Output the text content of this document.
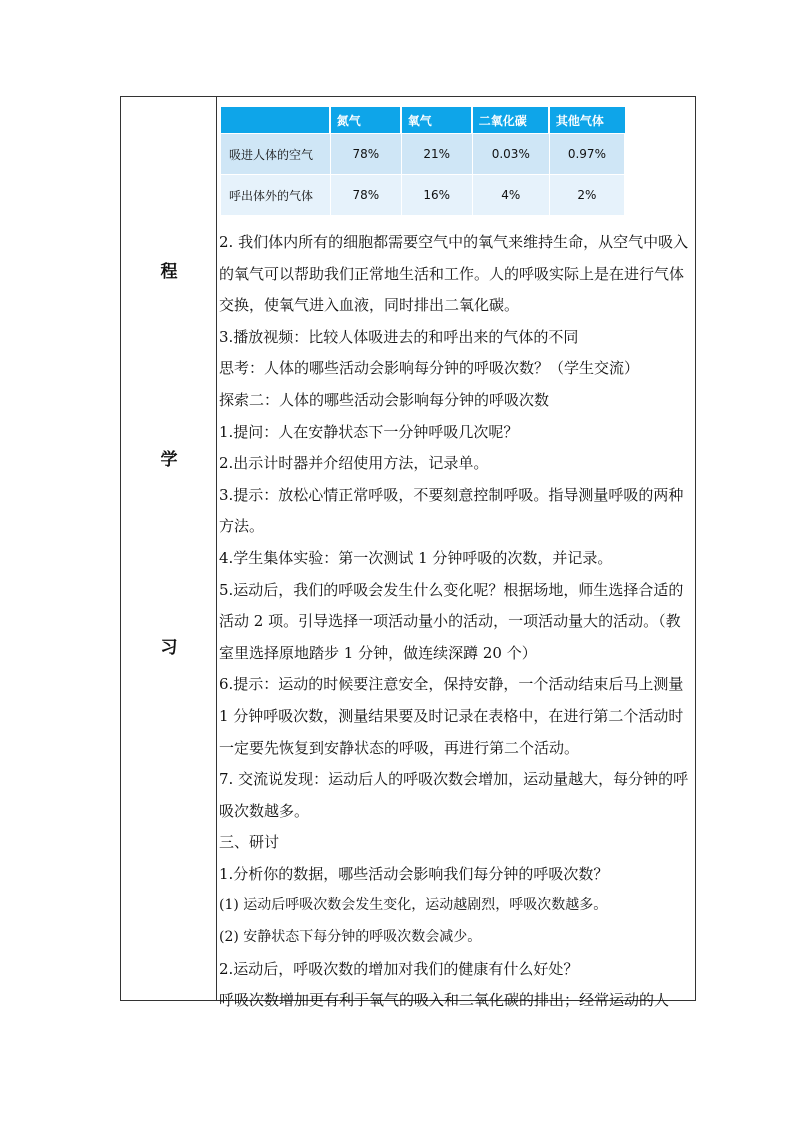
程
学
习
	氮气	氧气	二氧化碳	其他气体
吸进人体的空气	78%	21%	0.03%	0.97%
呼出体外的气体	78%	16%	4%	2%

2. 我们体内所有的细胞都需要空气中的氧气来维持生命，从空气中吸入的氧气可以帮助我们正常地生活和工作。人的呼吸实际上是在进行气体交换，使氧气进入血液，同时排出二氧化碳。

3.播放视频：比较人体吸进去的和呼出来的气体的不同

思考：人体的哪些活动会影响每分钟的呼吸次数？（学生交流）

探索二：人体的哪些活动会影响每分钟的呼吸次数

1.提问：人在安静状态下一分钟呼吸几次呢？

2.出示计时器并介绍使用方法，记录单。

3.提示：放松心情正常呼吸，不要刻意控制呼吸。指导测量呼吸的两种方法。

4.学生集体实验：第一次测试 1 分钟呼吸的次数，并记录。

5.运动后，我们的呼吸会发生什么变化呢？根据场地，师生选择合适的活动 2 项。引导选择一项活动量小的活动，一项活动量大的活动。（教室里选择原地踏步 1 分钟，做连续深蹲 20 个）

6.提示：运动的时候要注意安全，保持安静，一个活动结束后马上测量 1 分钟呼吸次数，测量结果要及时记录在表格中，在进行第二个活动时一定要先恢复到安静状态的呼吸，再进行第二个活动。

7. 交流说发现：运动后人的呼吸次数会增加，运动量越大，每分钟的呼吸次数越多。

三、研讨

1.分析你的数据，哪些活动会影响我们每分钟的呼吸次数？

(1) 运动后呼吸次数会发生变化，运动越剧烈，呼吸次数越多。

(2) 安静状态下每分钟的呼吸次数会减少。

2.运动后，呼吸次数的增加对我们的健康有什么好处？

呼吸次数增加更有利于氧气的吸入和二氧化碳的排出；经常运动的人
